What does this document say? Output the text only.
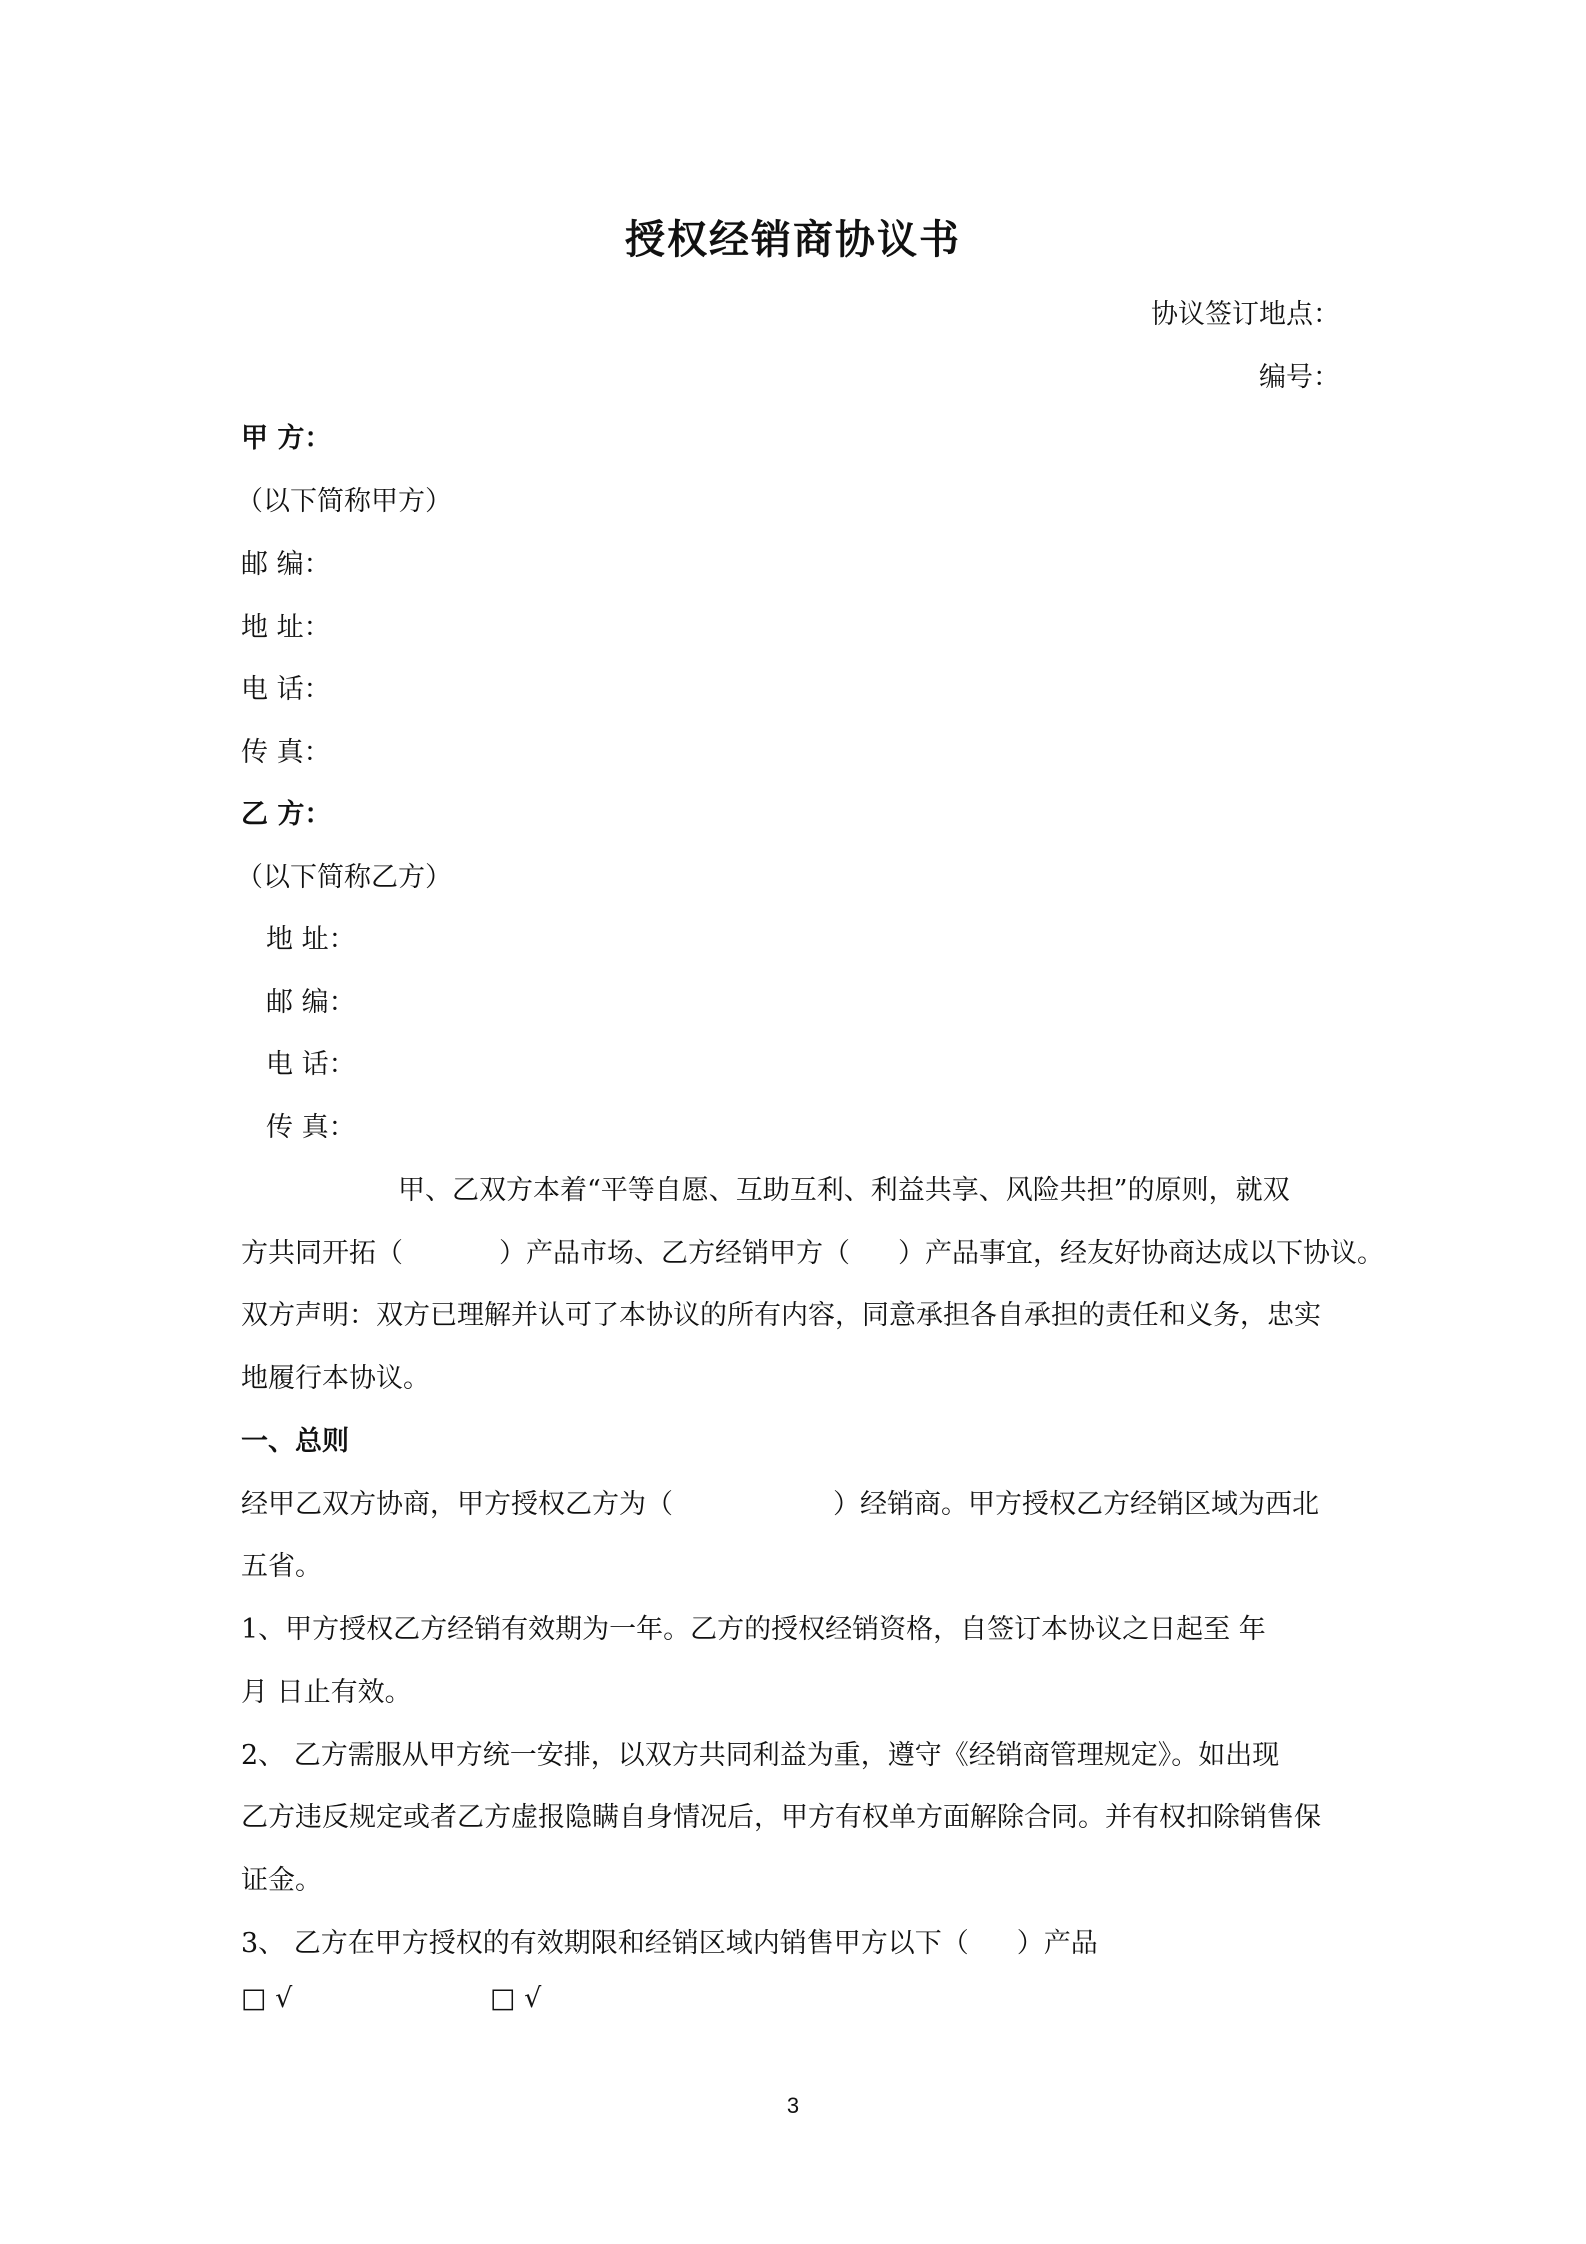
授权经销商协议书
协议签订地点：
编号：
甲 方：
（以下简称甲方）
邮 编：
地 址：
电 话：
传 真：
乙 方：
（以下简称乙方）
地 址：
邮 编：
电 话：
传 真：
甲、乙双方本着“平等自愿、互助互利、利益共享、风险共担”的原则，就双
方共同开拓（	）产品市场、乙方经销甲方（ ）产品事宜，经友好协商达成以下协议。
双方声明：双方已理解并认可了本协议的所有内容，同意承担各自承担的责任和义务，忠实
地履行本协议。
一、总则
经甲乙双方协商，甲方授权乙方为（	）经销商。甲方授权乙方经销区域为西北
五省。
1、甲方授权乙方经销有效期为一年。乙方的授权经销资格，自签订本协议之日起至 年
月 日止有效。
2、 乙方需服从甲方统一安排，以双方共同利益为重，遵守《经销商管理规定》。如出现
乙方违反规定或者乙方虚报隐瞒自身情况后，甲方有权单方面解除合同。并有权扣除销售保
证金。
3、 乙方在甲方授权的有效期限和经销区域内销售甲方以下（ ）产品
□ √	□ √
3
